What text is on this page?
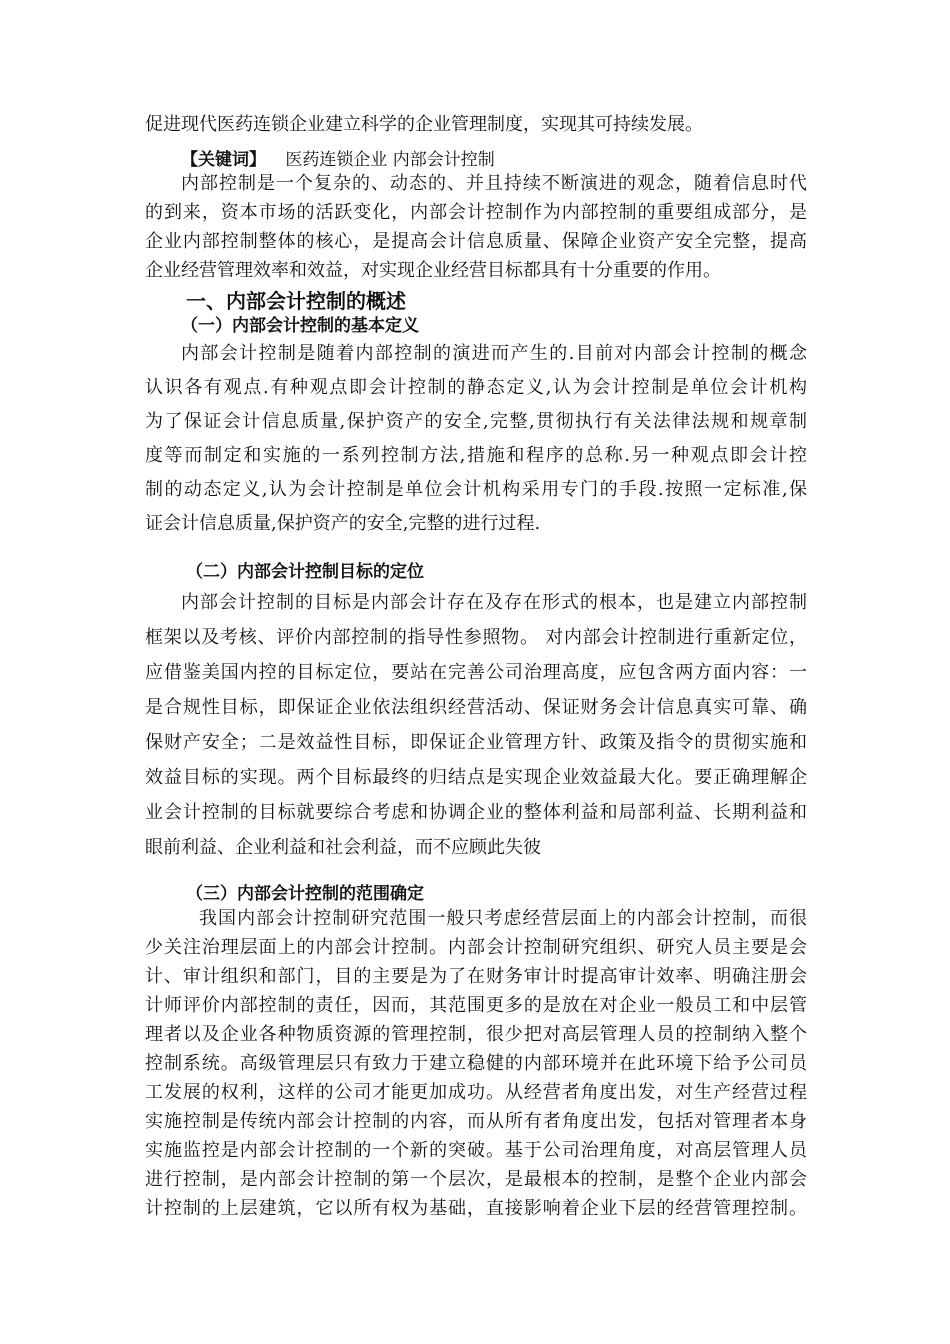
促进现代医药连锁企业建立科学的企业管理制度，实现其可持续发展。
【关键词】 医药连锁企业 内部会计控制
内部控制是一个复杂的、动态的、并且持续不断演进的观念，随着信息时代
的到来，资本市场的活跃变化，内部会计控制作为内部控制的重要组成部分，是
企业内部控制整体的核心，是提高会计信息质量、保障企业资产安全完整，提高
企业经营管理效率和效益，对实现企业经营目标都具有十分重要的作用。
一、内部会计控制的概述
（一）内部会计控制的基本定义
内部会计控制是随着内部控制的演进而产生的.目前对内部会计控制的概念
认识各有观点.有种观点即会计控制的静态定义,认为会计控制是单位会计机构
为了保证会计信息质量,保护资产的安全,完整,贯彻执行有关法律法规和规章制
度等而制定和实施的一系列控制方法,措施和程序的总称.另一种观点即会计控
制的动态定义,认为会计控制是单位会计机构采用专门的手段.按照一定标准,保
证会计信息质量,保护资产的安全,完整的进行过程.
（二）内部会计控制目标的定位
内部会计控制的目标是内部会计存在及存在形式的根本，也是建立内部控制
框架以及考核、评价内部控制的指导性参照物。 对内部会计控制进行重新定位，
应借鉴美国内控的目标定位，要站在完善公司治理高度，应包含两方面内容：一
是合规性目标，即保证企业依法组织经营活动、保证财务会计信息真实可靠、确
保财产安全；二是效益性目标，即保证企业管理方针、政策及指令的贯彻实施和
效益目标的实现。两个目标最终的归结点是实现企业效益最大化。要正确理解企
业会计控制的目标就要综合考虑和协调企业的整体利益和局部利益、长期利益和
眼前利益、企业利益和社会利益，而不应顾此失彼
（三）内部会计控制的范围确定
我国内部会计控制研究范围一般只考虑经营层面上的内部会计控制，而很
少关注治理层面上的内部会计控制。内部会计控制研究组织、研究人员主要是会
计、审计组织和部门，目的主要是为了在财务审计时提高审计效率、明确注册会
计师评价内部控制的责任，因而，其范围更多的是放在对企业一般员工和中层管
理者以及企业各种物质资源的管理控制，很少把对高层管理人员的控制纳入整个
控制系统。高级管理层只有致力于建立稳健的内部环境并在此环境下给予公司员
工发展的权利，这样的公司才能更加成功。从经营者角度出发，对生产经营过程
实施控制是传统内部会计控制的内容，而从所有者角度出发，包括对管理者本身
实施监控是内部会计控制的一个新的突破。基于公司治理角度，对高层管理人员
进行控制，是内部会计控制的第一个层次，是最根本的控制，是整个企业内部会
计控制的上层建筑，它以所有权为基础，直接影响着企业下层的经营管理控制。
